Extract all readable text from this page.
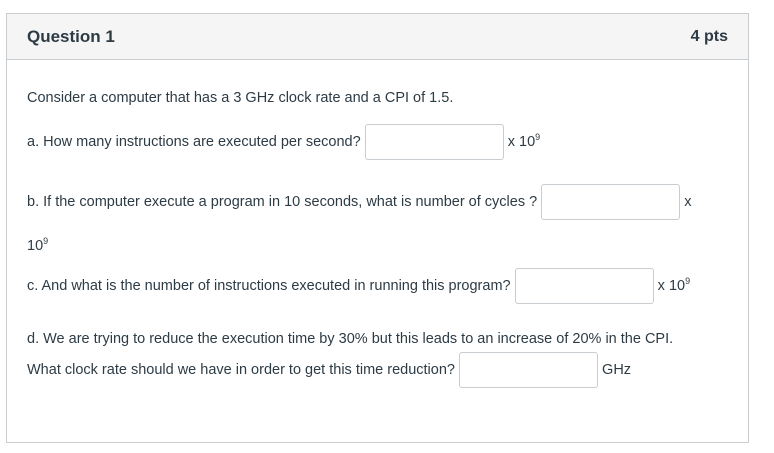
Question 1	4 pts
Consider a computer that has a 3 GHz clock rate and a CPI of 1.5.
a. How many instructions are executed per second?	x $10^9$
b. If the computer execute a program in 10 seconds, what is number of cycles ?	x
$10^9$
c. And what is the number of instructions executed in running this program?	x $10^9$
d. We are trying to reduce the execution time by 30% but this leads to an increase of 20% in the CPI.
What clock rate should we have in order to get this time reduction?	GHz
